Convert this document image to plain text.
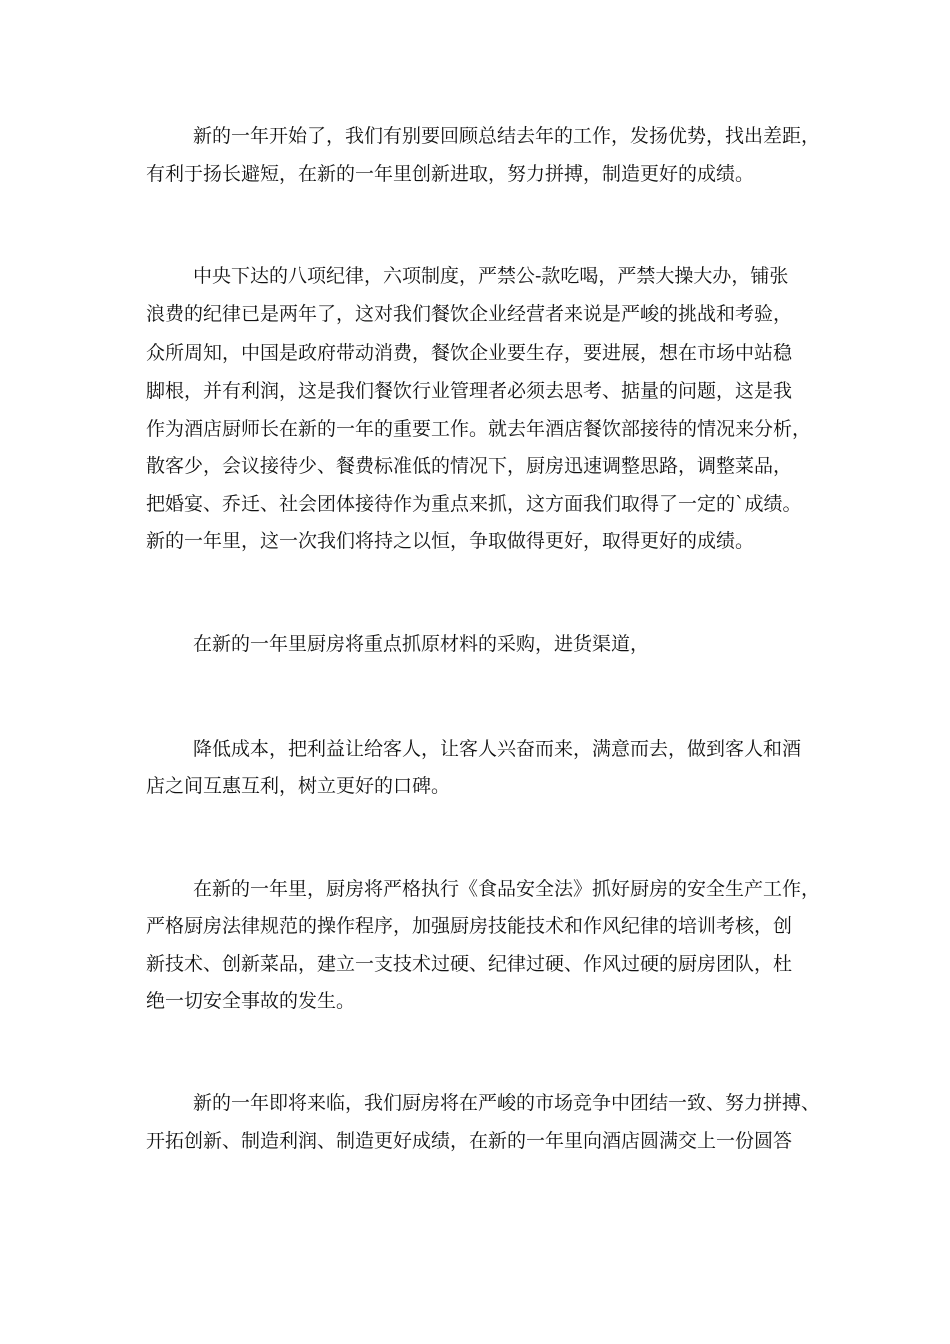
新的一年开始了，我们有别要回顾总结去年的工作，发扬优势，找出差距，
有利于扬长避短，在新的一年里创新进取，努力拼搏，制造更好的成绩。
中央下达的八项纪律，六项制度，严禁公-款吃喝，严禁大操大办，铺张
浪费的纪律已是两年了，这对我们餐饮企业经营者来说是严峻的挑战和考验，
众所周知，中国是政府带动消费，餐饮企业要生存，要进展，想在市场中站稳
脚根，并有利润，这是我们餐饮行业管理者必须去思考、掂量的问题，这是我
作为酒店厨师长在新的一年的重要工作。就去年酒店餐饮部接待的情况来分析，
散客少，会议接待少、餐费标准低的情况下，厨房迅速调整思路，调整菜品，
把婚宴、乔迁、社会团体接待作为重点来抓，这方面我们取得了一定的`成绩。
新的一年里，这一次我们将持之以恒，争取做得更好，取得更好的成绩。
在新的一年里厨房将重点抓原材料的采购，进货渠道，
降低成本，把利益让给客人，让客人兴奋而来，满意而去，做到客人和酒
店之间互惠互利，树立更好的口碑。
在新的一年里，厨房将严格执行《食品安全法》抓好厨房的安全生产工作，
严格厨房法律规范的操作程序，加强厨房技能技术和作风纪律的培训考核，创
新技术、创新菜品，建立一支技术过硬、纪律过硬、作风过硬的厨房团队，杜
绝一切安全事故的发生。
新的一年即将来临，我们厨房将在严峻的市场竞争中团结一致、努力拼搏、
开拓创新、制造利润、制造更好成绩，在新的一年里向酒店圆满交上一份圆答
